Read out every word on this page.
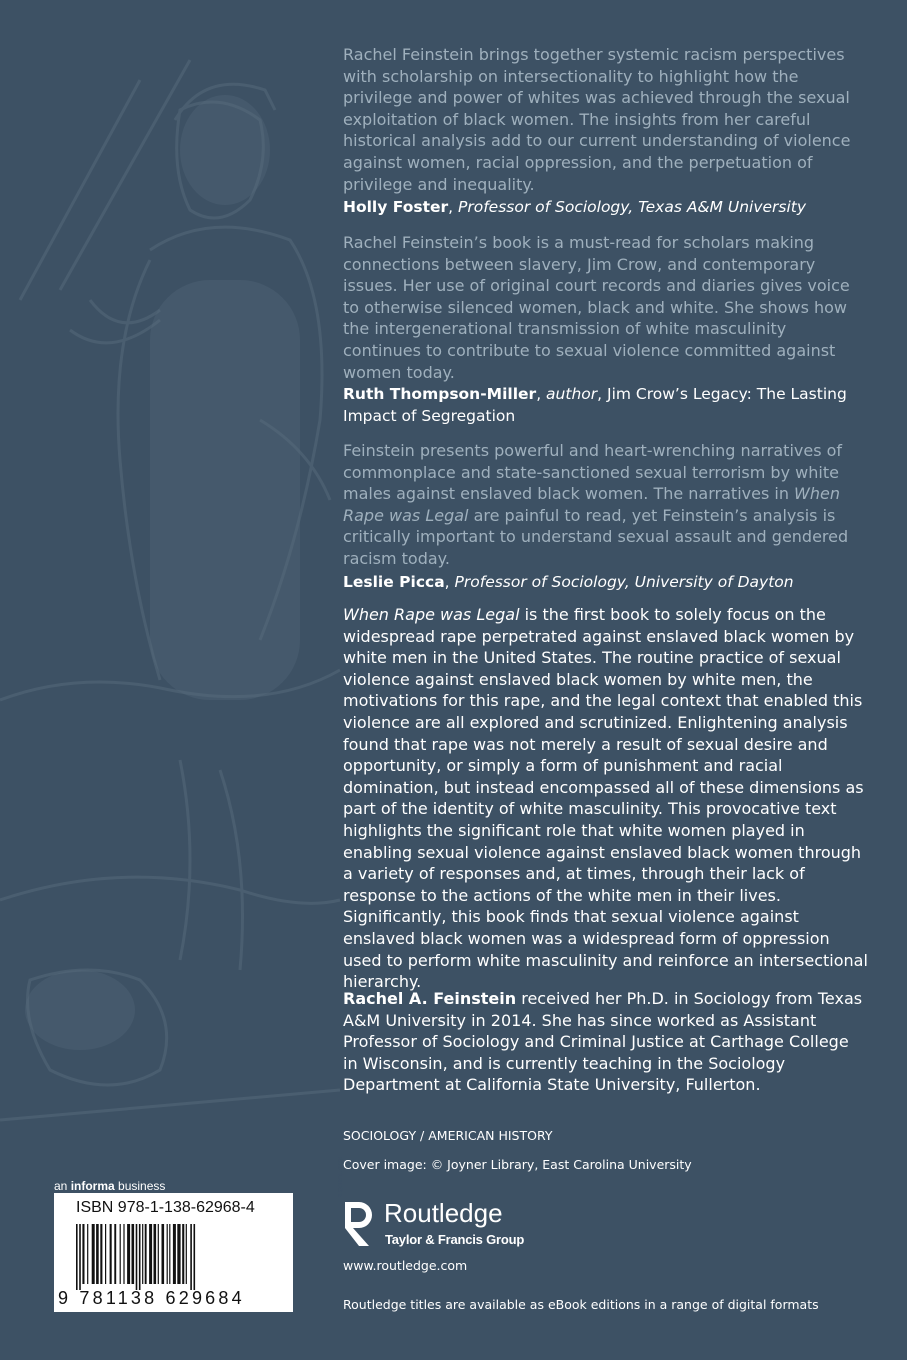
Rachel Feinstein brings together systemic racism perspectives with scholarship on intersectionality to highlight how the privilege and power of whites was achieved through the sexual exploitation of black women. The insights from her careful historical analysis add to our current understanding of violence against women, racial oppression, and the perpetuation of privilege and inequality.
Holly Foster, Professor of Sociology, Texas A&M University
Rachel Feinstein’s book is a must-read for scholars making connections between slavery, Jim Crow, and contemporary issues. Her use of original court records and diaries gives voice to otherwise silenced women, black and white. She shows how the intergenerational transmission of white masculinity continues to contribute to sexual violence committed against women today.
Ruth Thompson-Miller, author, Jim Crow’s Legacy: The Lasting Impact of Segregation
Feinstein presents powerful and heart-wrenching narratives of commonplace and state-sanctioned sexual terrorism by white males against enslaved black women. The narratives in When Rape was Legal are painful to read, yet Feinstein’s analysis is critically important to understand sexual assault and gendered racism today.
Leslie Picca, Professor of Sociology, University of Dayton
When Rape was Legal is the first book to solely focus on the widespread rape perpetrated against enslaved black women by white men in the United States. The routine practice of sexual violence against enslaved black women by white men, the motivations for this rape, and the legal context that enabled this violence are all explored and scrutinized. Enlightening analysis found that rape was not merely a result of sexual desire and opportunity, or simply a form of punishment and racial domination, but instead encompassed all of these dimensions as part of the identity of white masculinity. This provocative text highlights the significant role that white women played in enabling sexual violence against enslaved black women through a variety of responses and, at times, through their lack of response to the actions of the white men in their lives. Significantly, this book finds that sexual violence against enslaved black women was a widespread form of oppression used to perform white masculinity and reinforce an intersectional hierarchy.
Rachel A. Feinstein received her Ph.D. in Sociology from Texas A&M University in 2014. She has since worked as Assistant Professor of Sociology and Criminal Justice at Carthage College in Wisconsin, and is currently teaching in the Sociology Department at California State University, Fullerton.
SOCIOLOGY / AMERICAN HISTORY
Cover image: © Joyner Library, East Carolina University
an informa business
ISBN 978-1-138-62968-4
9 781138 629684
ROUTLEDGE
Routledge
Taylor & Francis Group
www.routledge.com
Routledge titles are available as eBook editions in a range of digital formats
